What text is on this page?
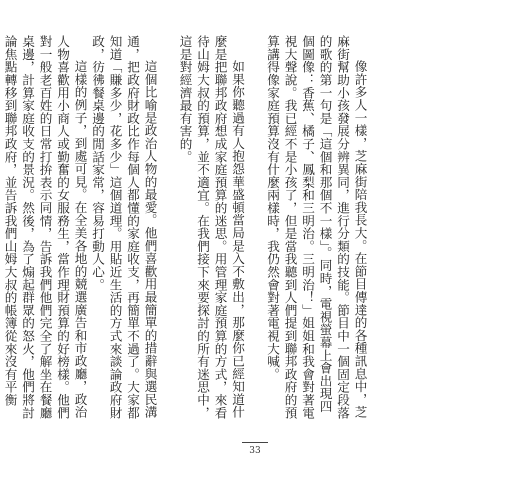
像許多人一樣，芝麻街陪我長大。在節目傳達的各種訊息中，芝麻街幫助小孩發展分辨異同，進行分類的技能。節目中一個固定段落的歌的第一句是「這個和那個不一樣」。同時，電視螢幕上會出現四個圖像：香蕉、橘子、鳳梨和三明治。三明治！」姐姐和我會對著電視大聲說。我已經不是小孩了，但是當我聽到人們提到聯邦政府的預算講得像家庭預算沒有什麼兩樣時，我仍然會對著電視大喊。

如果你聽過有人抱怨華盛頓當局是入不敷出，那麼你已經知道什麼是把聯邦政府想成家庭預算的迷思。用管理家庭預算的方式，來看待山姆大叔的預算，並不適宜。在我們接下來要探討的所有迷思中，這是對經濟最有害的。

這個比喻是政治人物的最愛。他們喜歡用最簡單的措辭與選民溝通，把政府財政比作每個人都懂的家庭收支，再簡單不過了。大家都知道「賺多少，花多少」這個道理。用貼近生活的方式來談論政府財政，彷彿餐桌邊的閒話家常，容易打動人心。

這樣的例子，到處可見。在全美各地的競選廣告和市政廳，政治人物喜歡用小商人或勤奮的女服務生，當作理財預算的好榜樣。他們對一般老百姓的日常打拚表示同情，告訴我們他們完全了解坐在餐廳桌邊，計算家庭收支的景況。然後，為了煽起群眾的怒火，他們將討論焦點轉移到聯邦政府，並告訴我們山姆大叔的帳簿從來沒有平衡

33
